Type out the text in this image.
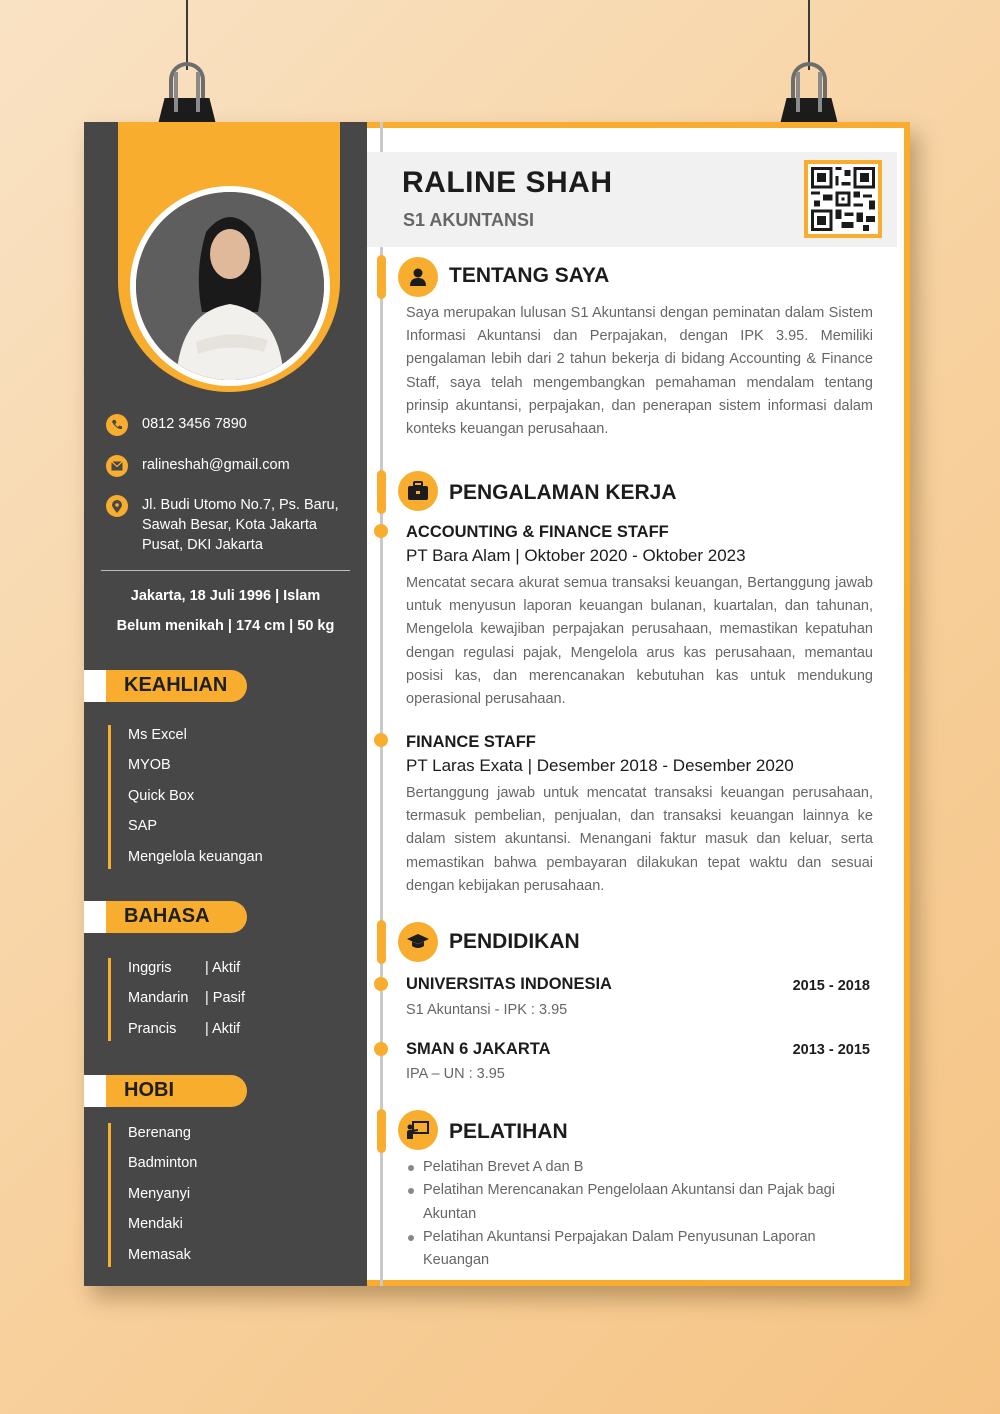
0812 3456 7890
ralineshah@gmail.com
Jl. Budi Utomo No.7, Ps. Baru,
Sawah Besar, Kota Jakarta
Pusat, DKI Jakarta
Jakarta, 18 Juli 1996 | Islam
Belum menikah | 174 cm | 50 kg
KEAHLIAN
Ms Excel
MYOB
Quick Box
SAP
Mengelola keuangan
BAHASA
Inggris	| Aktif
Mandarin	| Pasif
Prancis	| Aktif
HOBI
Berenang
Badminton
Menyanyi
Mendaki
Memasak
RALINE SHAH
S1 AKUNTANSI
TENTANG SAYA
Saya merupakan lulusan S1 Akuntansi dengan peminatan dalam Sistem Informasi Akuntansi dan Perpajakan, dengan IPK 3.95. Memiliki pengalaman lebih dari 2 tahun bekerja di bidang Accounting & Finance Staff, saya telah mengembangkan pemahaman mendalam tentang prinsip akuntansi, perpajakan, dan penerapan sistem informasi dalam konteks keuangan perusahaan.
PENGALAMAN KERJA
ACCOUNTING & FINANCE STAFF
PT Bara Alam | Oktober 2020 - Oktober 2023
Mencatat secara akurat semua transaksi keuangan, Bertanggung jawab untuk menyusun laporan keuangan bulanan, kuartalan, dan tahunan, Mengelola kewajiban perpajakan perusahaan, memastikan kepatuhan dengan regulasi pajak, Mengelola arus kas perusahaan, memantau posisi kas, dan merencanakan kebutuhan kas untuk mendukung operasional perusahaan.
FINANCE STAFF
PT Laras Exata | Desember 2018 - Desember 2020
Bertanggung jawab untuk mencatat transaksi keuangan perusahaan, termasuk pembelian, penjualan, dan transaksi keuangan lainnya ke dalam sistem akuntansi. Menangani faktur masuk dan keluar, serta memastikan bahwa pembayaran dilakukan tepat waktu dan sesuai dengan kebijakan perusahaan.
PENDIDIKAN
UNIVERSITAS INDONESIA	2015 - 2018
S1 Akuntansi - IPK : 3.95
SMAN 6 JAKARTA	2013 - 2015
IPA – UN : 3.95
PELATIHAN
Pelatihan Brevet A dan B
Pelatihan Merencanakan Pengelolaan Akuntansi dan Pajak bagi Akuntan
Pelatihan Akuntansi Perpajakan Dalam Penyusunan Laporan Keuangan
